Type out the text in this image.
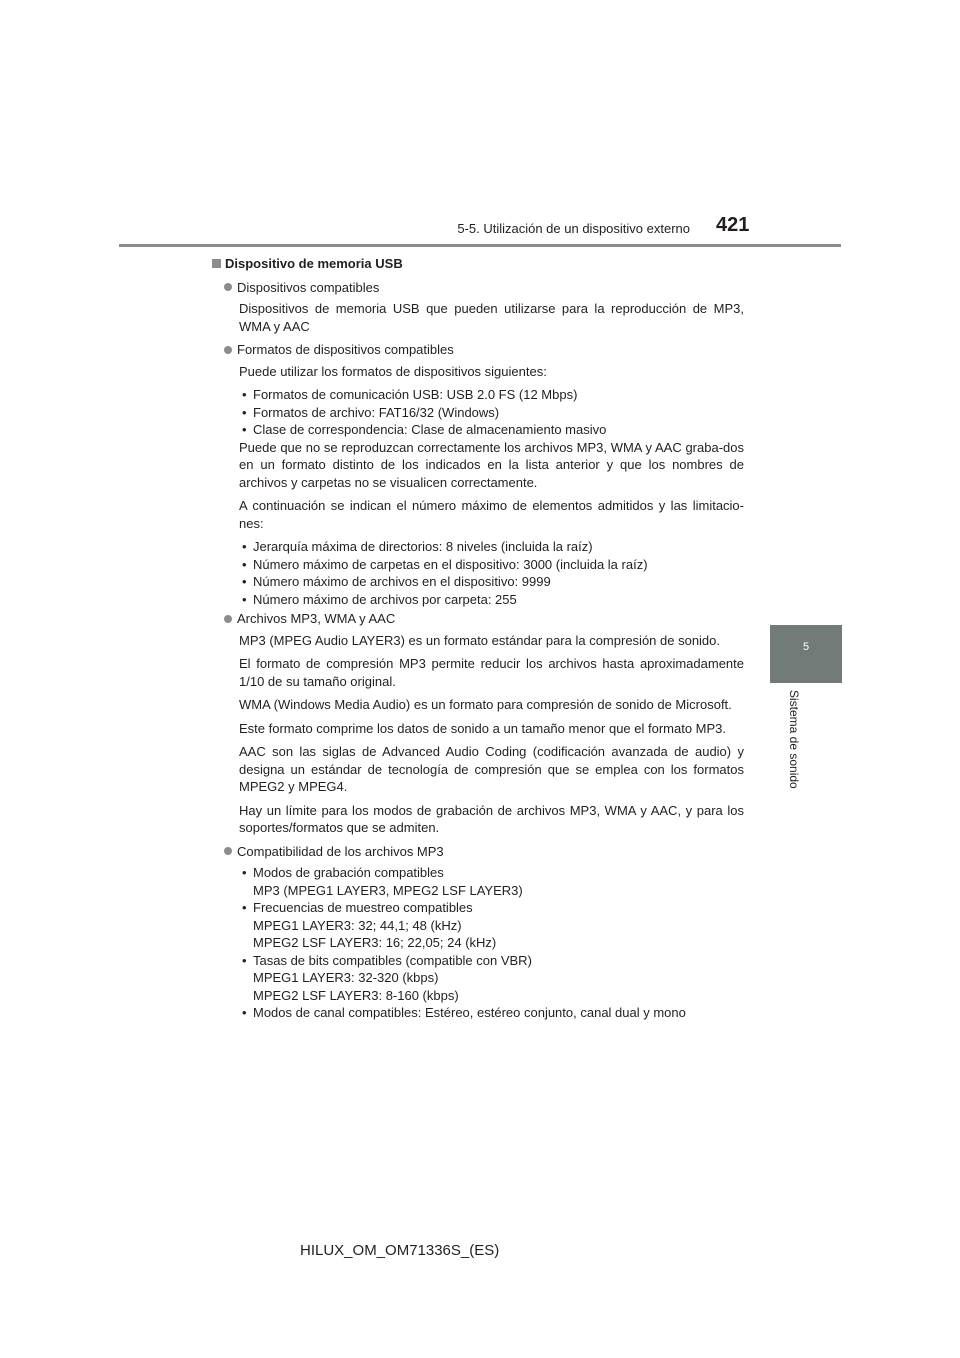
5-5. Utilización de un dispositivo externo 421
5
Sistema de sonido
Dispositivo de memoria USB
Dispositivos compatibles

Dispositivos de memoria USB que pueden utilizarse para la reproducción de MP3, WMA y AAC

Formatos de dispositivos compatibles

Puede utilizar los formatos de dispositivos siguientes:

• Formatos de comunicación USB: USB 2.0 FS (12 Mbps)
• Formatos de archivo: FAT16/32 (Windows)
• Clase de correspondencia: Clase de almacenamiento masivo

Puede que no se reproduzcan correctamente los archivos MP3, WMA y AAC graba-dos en un formato distinto de los indicados en la lista anterior y que los nombres de archivos y carpetas no se visualicen correctamente.

A continuación se indican el número máximo de elementos admitidos y las limitacio-nes:

• Jerarquía máxima de directorios: 8 niveles (incluida la raíz)
• Número máximo de carpetas en el dispositivo: 3000 (incluida la raíz)
• Número máximo de archivos en el dispositivo: 9999
• Número máximo de archivos por carpeta: 255
Archivos MP3, WMA y AAC

MP3 (MPEG Audio LAYER3) es un formato estándar para la compresión de sonido.

El formato de compresión MP3 permite reducir los archivos hasta aproximadamente 1/10 de su tamaño original.

WMA (Windows Media Audio) es un formato para compresión de sonido de Microsoft.

Este formato comprime los datos de sonido a un tamaño menor que el formato MP3.

AAC son las siglas de Advanced Audio Coding (codificación avanzada de audio) y designa un estándar de tecnología de compresión que se emplea con los formatos MPEG2 y MPEG4.

Hay un límite para los modos de grabación de archivos MP3, WMA y AAC, y para los soportes/formatos que se admiten.

Compatibilidad de los archivos MP3
• Modos de grabación compatibles
MP3 (MPEG1 LAYER3, MPEG2 LSF LAYER3)
• Frecuencias de muestreo compatibles
MPEG1 LAYER3: 32; 44,1; 48 (kHz)
MPEG2 LSF LAYER3: 16; 22,05; 24 (kHz)
• Tasas de bits compatibles (compatible con VBR)
MPEG1 LAYER3: 32-320 (kbps)
MPEG2 LSF LAYER3: 8-160 (kbps)
• Modos de canal compatibles: Estéreo, estéreo conjunto, canal dual y mono
HILUX_OM_OM71336S_(ES)
